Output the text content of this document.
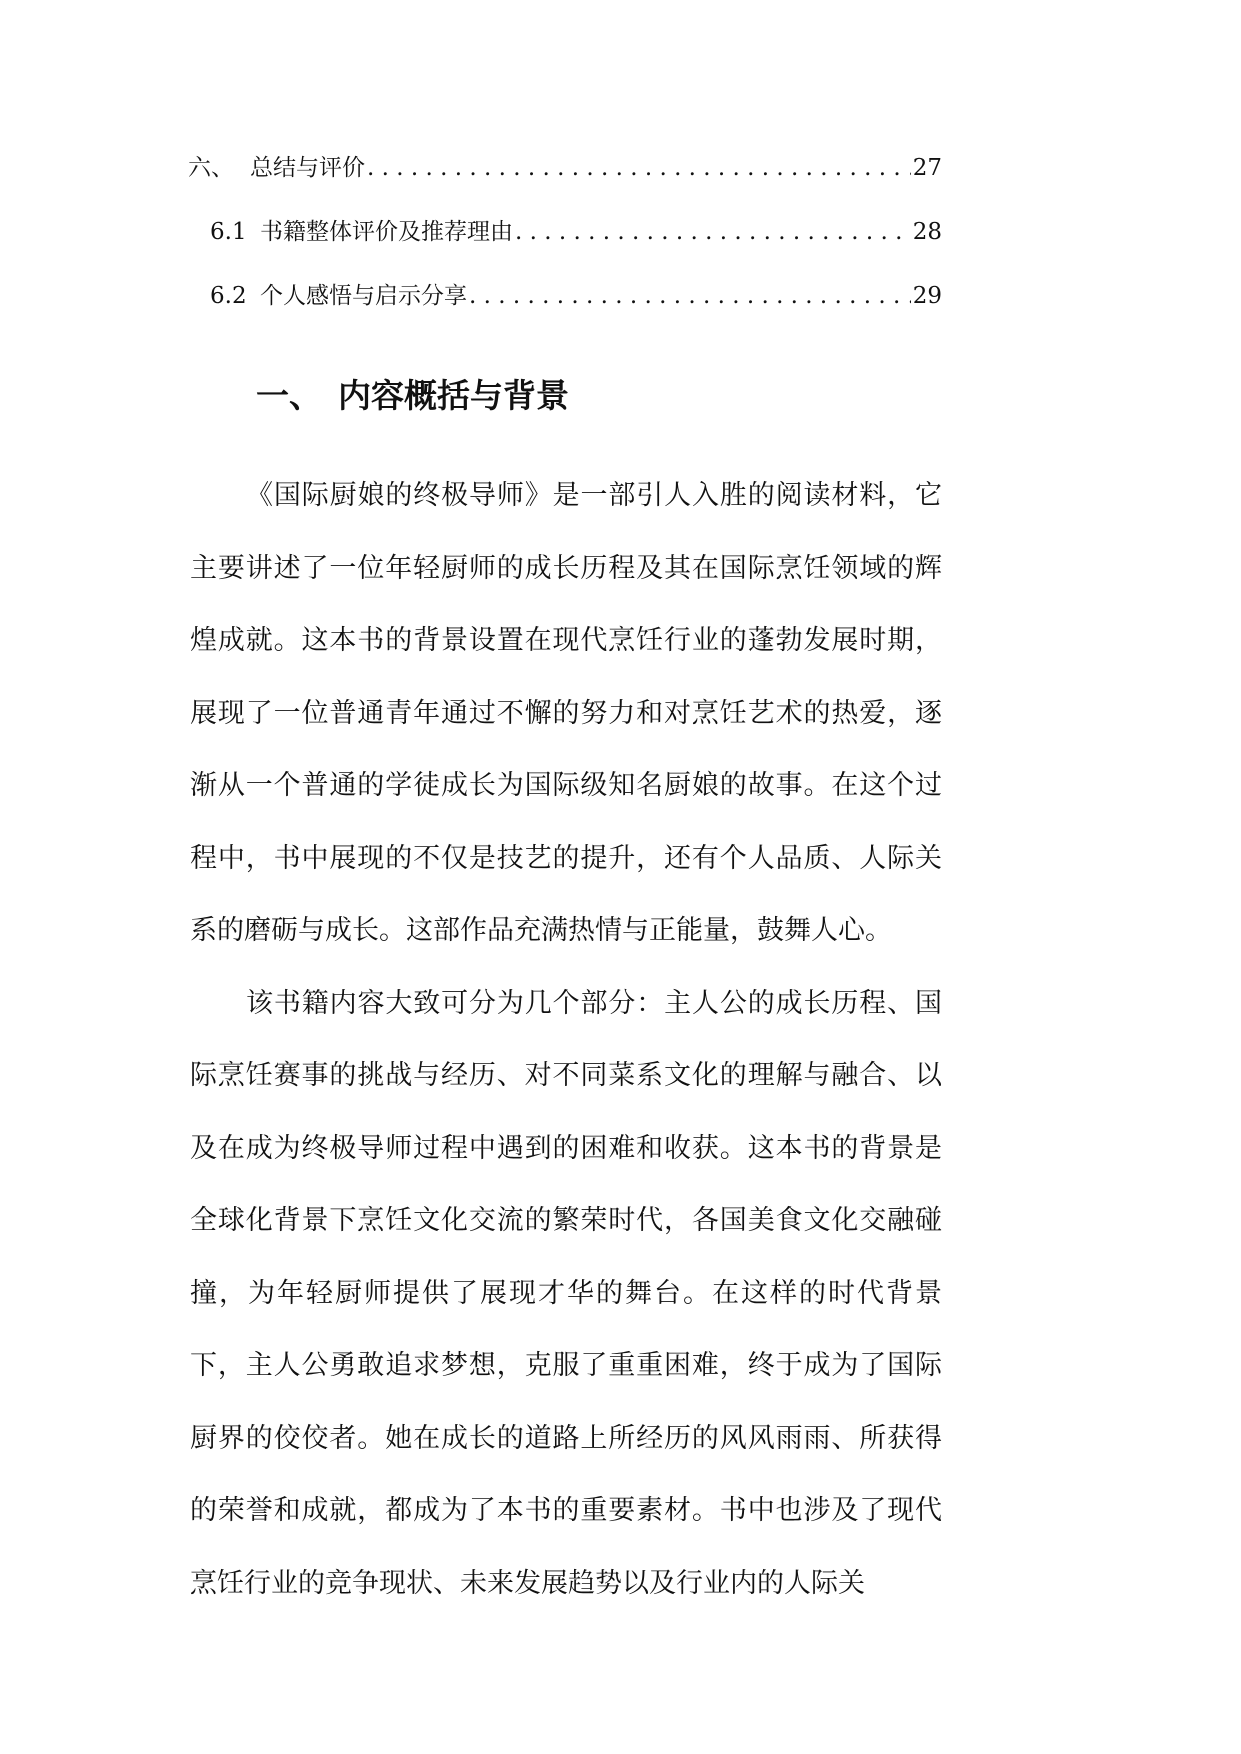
六、 总结与评价 . . .	27
6.1 书籍整体评价及推荐理由 . . .	28
6.2 个人感悟与启示分享 . . .	29
一、 内容概括与背景

《国际厨娘的终极导师》是一部引人入胜的阅读材料，它主要讲述了一位年轻厨师的成长历程及其在国际烹饪领域的辉煌成就。这本书的背景设置在现代烹饪行业的蓬勃发展时期，展现了一位普通青年通过不懈的努力和对烹饪艺术的热爱，逐渐从一个普通的学徒成长为国际级知名厨娘的故事。在这个过程中，书中展现的不仅是技艺的提升，还有个人品质、人际关系的磨砺与成长。这部作品充满热情与正能量，鼓舞人心。

该书籍内容大致可分为几个部分：主人公的成长历程、国际烹饪赛事的挑战与经历、对不同菜系文化的理解与融合、以及在成为终极导师过程中遇到的困难和收获。这本书的背景是全球化背景下烹饪文化交流的繁荣时代，各国美食文化交融碰撞，为年轻厨师提供了展现才华的舞台。在这样的时代背景下，主人公勇敢追求梦想，克服了重重困难，终于成为了国际厨界的佼佼者。她在成长的道路上所经历的风风雨雨、所获得的荣誉和成就，都成为了本书的重要素材。书中也涉及了现代烹饪行业的竞争现状、未来发展趋势以及行业内的人际关
